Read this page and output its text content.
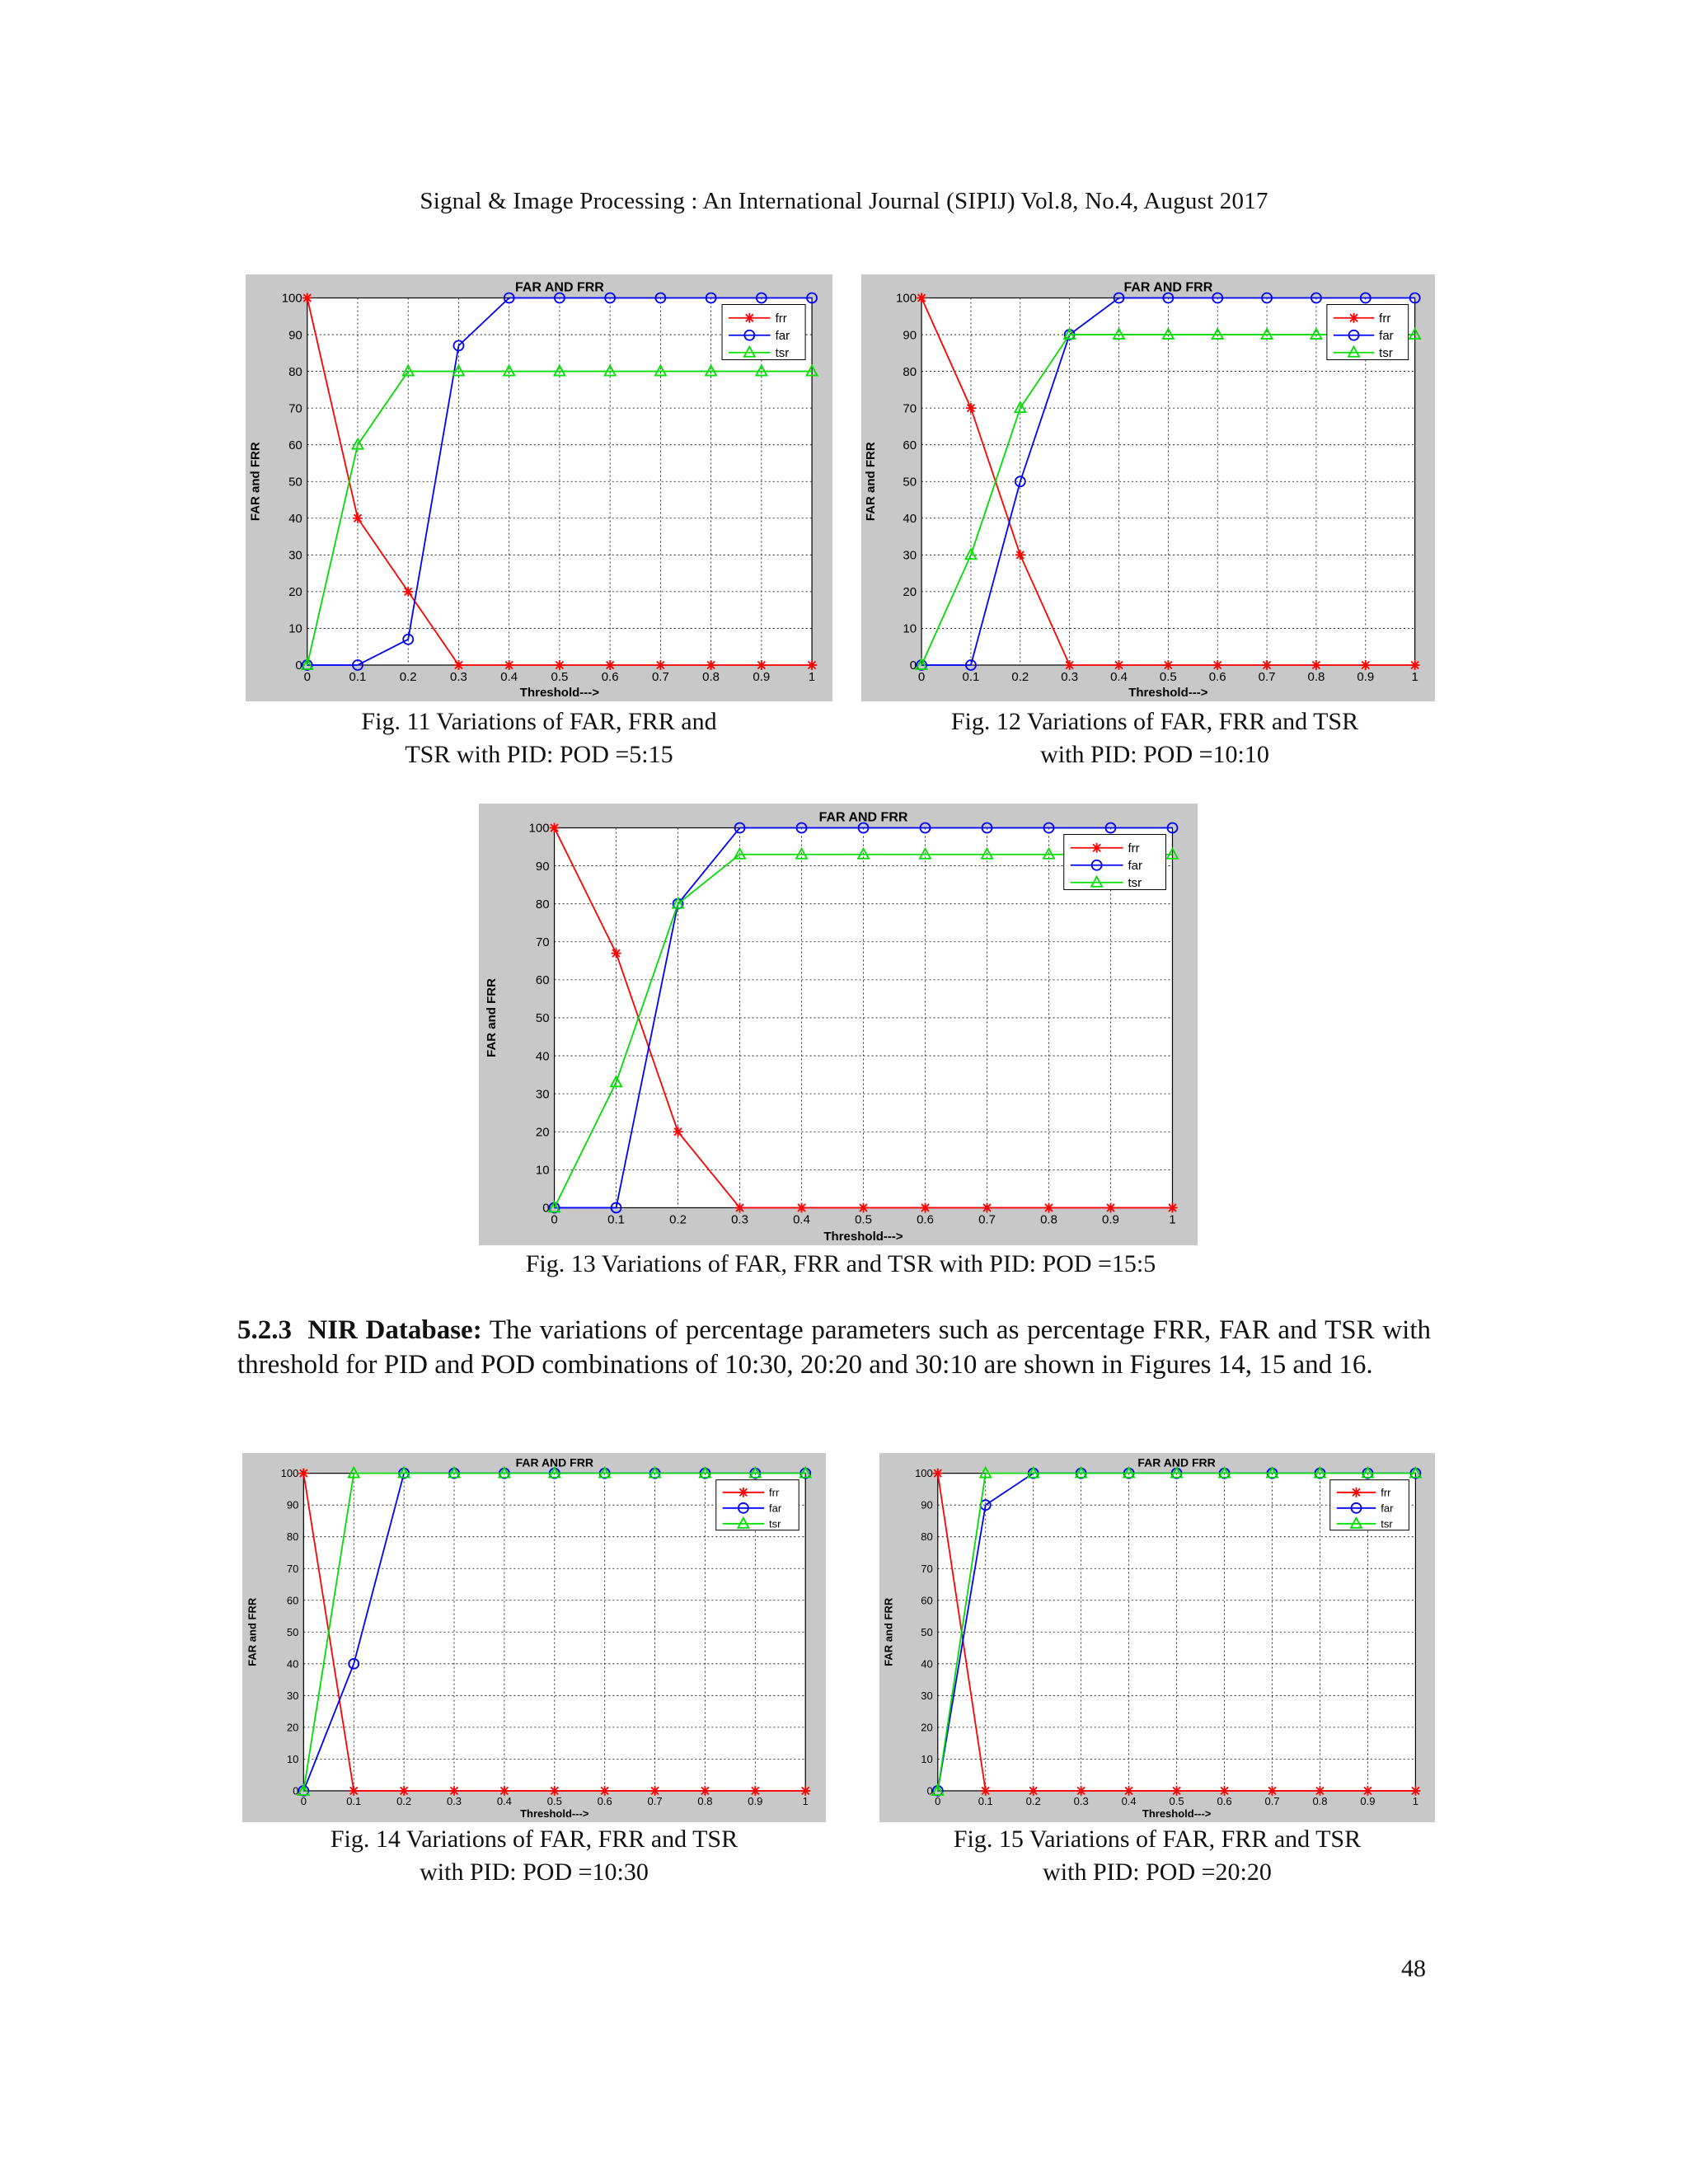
Signal & Image Processing : An International Journal (SIPIJ) Vol.8, No.4, August 2017
0	0.1	0.2	0.3	0.4	0.5	0.6	0.7	0.8	0.9	1
0
10
20
30
40
50
60
70
80
90
100
FAR AND FRR
Threshold--->
FAR and FRR
frr
far
tsr
Fig. 11 Variations of FAR, FRR and
TSR with PID: POD =5:15
0	0.1	0.2	0.3	0.4	0.5	0.6	0.7	0.8	0.9	1
0
10
20
30
40
50
60
70
80
90
100
FAR AND FRR
Threshold--->
FAR and FRR
frr
far
tsr
Fig. 12 Variations of FAR, FRR and TSR
with PID: POD =10:10
0	0.1	0.2	0.3	0.4	0.5	0.6	0.7	0.8	0.9	1
0
10
20
30
40
50
60
70
80
90
100
FAR AND FRR
Threshold--->
FAR and FRR
frr
far
tsr
Fig. 13 Variations of FAR, FRR and TSR with PID: POD =15:5
5.2.3 NIR Database: The variations of percentage parameters such as percentage FRR, FAR and TSR with threshold for PID and POD combinations of 10:30, 20:20 and 30:10 are shown in Figures 14, 15 and 16.
0	0.1	0.2	0.3	0.4	0.5	0.6	0.7	0.8	0.9	1
0
10
20
30
40
50
60
70
80
90
100
FAR AND FRR
Threshold--->
FAR and FRR
frr
far
tsr
Fig. 14 Variations of FAR, FRR and TSR
with PID: POD =10:30
0	0.1	0.2	0.3	0.4	0.5	0.6	0.7	0.8	0.9	1
0
10
20
30
40
50
60
70
80
90
100
FAR AND FRR
Threshold--->
FAR and FRR
frr
far
tsr
Fig. 15 Variations of FAR, FRR and TSR
with PID: POD =20:20
48
